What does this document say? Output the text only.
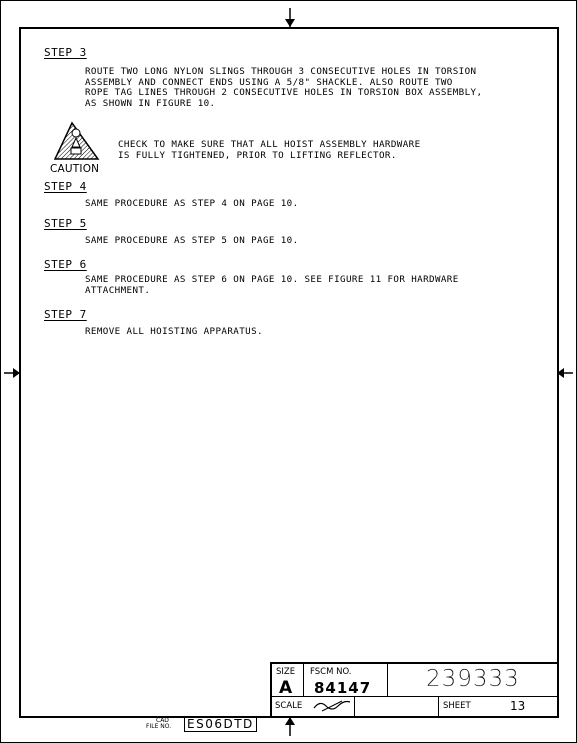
STEP 3
ROUTE TWO LONG NYLON SLINGS THROUGH 3 CONSECUTIVE HOLES IN TORSION
ASSEMBLY AND CONNECT ENDS USING A 5/8" SHACKLE. ALSO ROUTE TWO
ROPE TAG LINES THROUGH 2 CONSECUTIVE HOLES IN TORSION BOX ASSEMBLY,
AS SHOWN IN FIGURE 10.
CAUTION
CHECK TO MAKE SURE THAT ALL HOIST ASSEMBLY HARDWARE
IS FULLY TIGHTENED, PRIOR TO LIFTING REFLECTOR.
STEP 4
SAME PROCEDURE AS STEP 4 ON PAGE 10.
STEP 5
SAME PROCEDURE AS STEP 5 ON PAGE 10.
STEP 6
SAME PROCEDURE AS STEP 6 ON PAGE 10. SEE FIGURE 11 FOR HARDWARE
ATTACHMENT.
STEP 7
REMOVE ALL HOISTING APPARATUS.
SIZE
A
FSCM NO.
84147 239333
SCALE	SHEET	13
CAD
FILE NO. ES06DTD
